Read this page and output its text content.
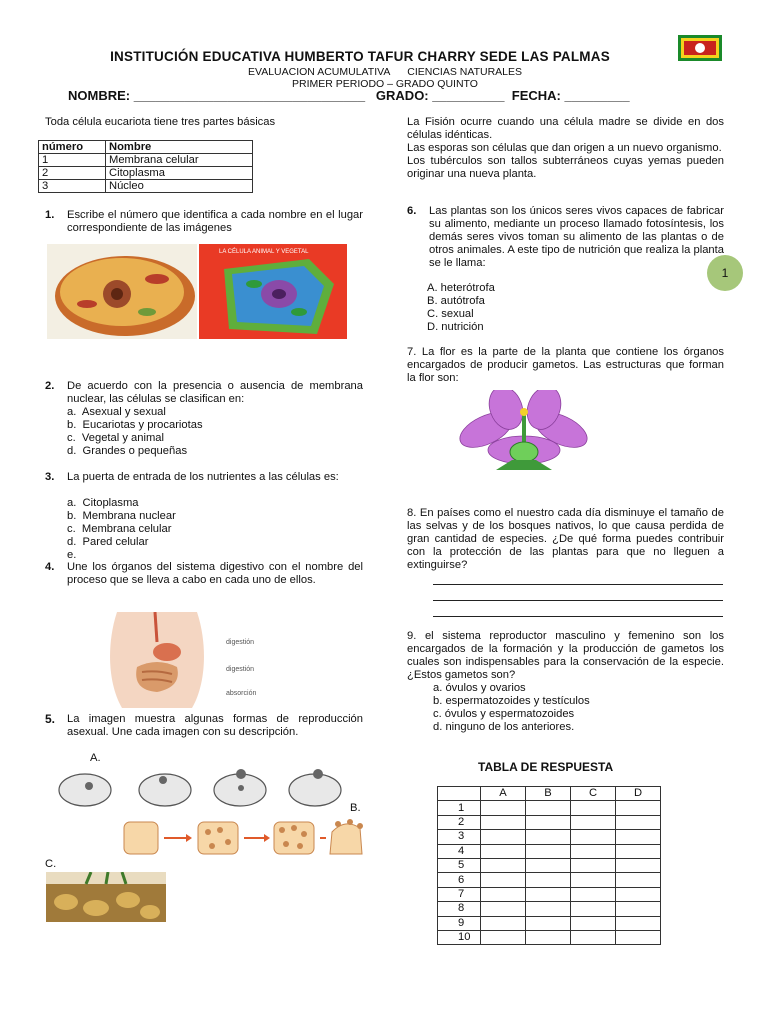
INSTITUCIÓN EDUCATIVA HUMBERTO TAFUR CHARRY SEDE LAS PALMAS
EVALUACION ACUMULATIVA      CIENCIAS NATURALES
PRIMER PERIODO – GRADO QUINTO
NOMBRE: ________________________________   GRADO: __________  FECHA: _________
Toda célula eucariota tiene tres partes básicas
número	Nombre
1	Membrana celular
2	Citoplasma
3	Núcleo
1. Escribe el número que identifica a cada nombre en el lugar correspondiente de las imágenes
LA CÉLULA ANIMAL Y VEGETAL
2. De acuerdo con la presencia o ausencia de membrana nuclear, las células se clasifican en:
a.  Asexual y sexual
b.  Eucariotas y procariotas
c.  Vegetal y animal
d.  Grandes o pequeñas
3. La puerta de entrada de los nutrientes a las células es:
a.  Citoplasma
b.  Membrana nuclear
c.  Membrana celular
d.  Pared celular
e.
4. Une los órganos del sistema digestivo con el nombre del proceso que se lleva a cabo en cada uno de ellos.
digestión
digestión
absorción
5. La imagen muestra algunas formas de reproducción asexual. Une cada imagen con su descripción.
A.
B.
C.
La Fisión ocurre cuando una célula madre se divide en dos células idénticas.
Las esporas son células que dan origen a un nuevo organismo.
Los tubérculos son tallos subterráneos cuyas yemas pueden originar una nueva planta.
6. Las plantas son los únicos seres vivos capaces de fabricar su alimento, mediante un proceso llamado fotosíntesis, los demás seres vivos toman su alimento de las plantas o de otros animales. A este tipo de nutrición que realiza la planta se le llama:
A. heterótrofa
B. autótrofa
C. sexual
D. nutrición
1
7. La flor es la parte de la planta que contiene los órganos encargados de producir gametos. Las estructuras que forman la flor son:
8. En países como el nuestro cada día disminuye el tamaño de las selvas y de los bosques nativos, lo que causa perdida de gran cantidad de especies. ¿De qué forma puedes contribuir con la protección de las plantas para que no lleguen a extinguirse?
9. el sistema reproductor masculino y femenino son los encargados de la formación y la producción de gametos los cuales son indispensables para la conservación de la especie. ¿Estos gametos son?
a. óvulos y ovarios
b. espermatozoides y testículos
c. óvulos y espermatozoides
d. ninguno de los anteriores.
TABLA DE RESPUESTA
	A	B	C	D
1				
2				
3				
4				
5				
6				
7				
8				
9				
10				
